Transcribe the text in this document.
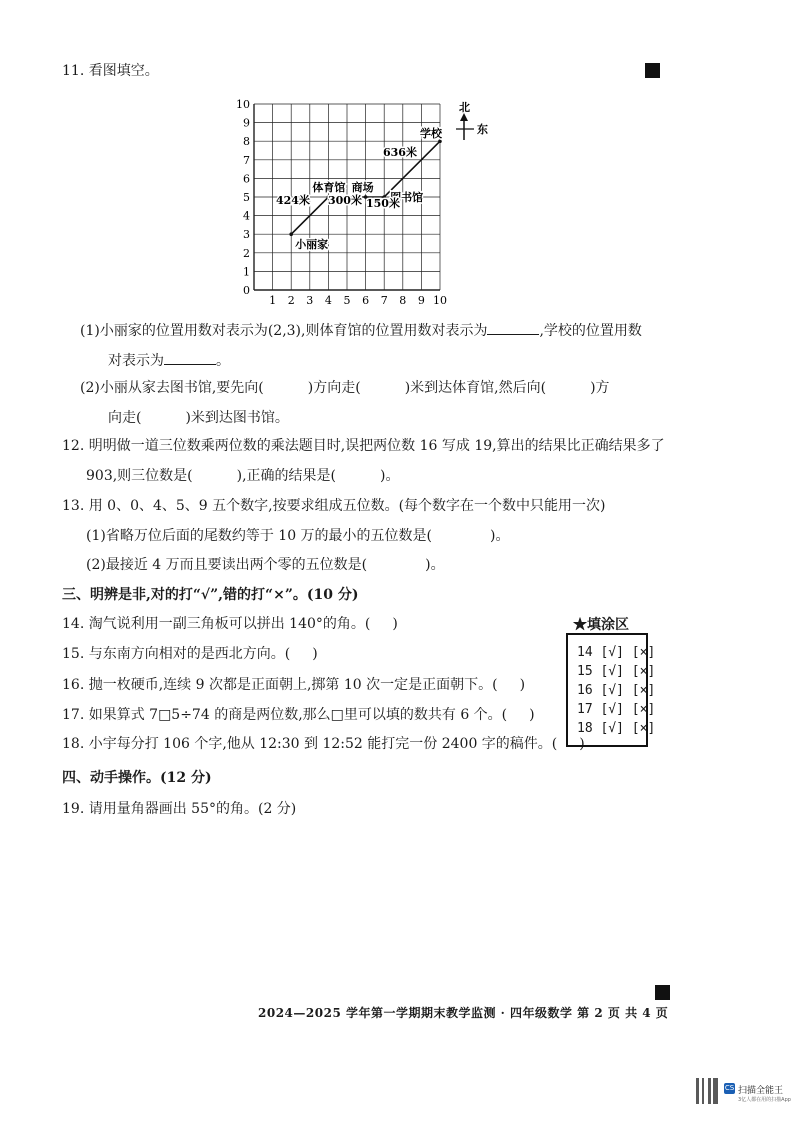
11. 看图填空。
1 2 3 4 5 6 7 8 9 10
0
1
2
3
4
5
6
7
8
9
10
小丽家
体育馆 商场
图书馆
学校
424米 300米 150米
636米
北
东
(1)小丽家的位置用数对表示为(2,3),则体育馆的位置用数对表示为	,学校的位置用数
对表示为	。
(2)小丽从家去图书馆,要先向(	)方向走(	)米到达体育馆,然后向(	)方
向走(	)米到达图书馆。
12. 明明做一道三位数乘两位数的乘法题目时,误把两位数 16 写成 19,算出的结果比正确结果多了
903,则三位数是(	),正确的结果是(	)。
13. 用 0、0、4、5、9 五个数字,按要求组成五位数。(每个数字在一个数中只能用一次)
(1)省略万位后面的尾数约等于 10 万的最小的五位数是(	)。
(2)最接近 4 万而且要读出两个零的五位数是(	)。
三、明辨是非,对的打“√”,错的打“×”。(10 分)
14. 淘气说利用一副三角板可以拼出 140°的角。( )
15. 与东南方向相对的是西北方向。( )
16. 抛一枚硬币,连续 9 次都是正面朝上,掷第 10 次一定是正面朝下。( )
17. 如果算式 7□5÷74 的商是两位数,那么□里可以填的数共有 6 个。( )
18. 小宇每分打 106 个字,他从 12:30 到 12:52 能打完一份 2400 字的稿件。( )
★填涂区
14 [√] [×]
15 [√] [×]
16 [√] [×]
17 [√] [×]
18 [√] [×]
四、动手操作。(12 分)
19. 请用量角器画出 55°的角。(2 分)
2024—2025 学年第一学期期末教学监测 · 四年级数学 第 2 页 共 4 页
CS 扫描全能王
3亿人都在用的扫描App
